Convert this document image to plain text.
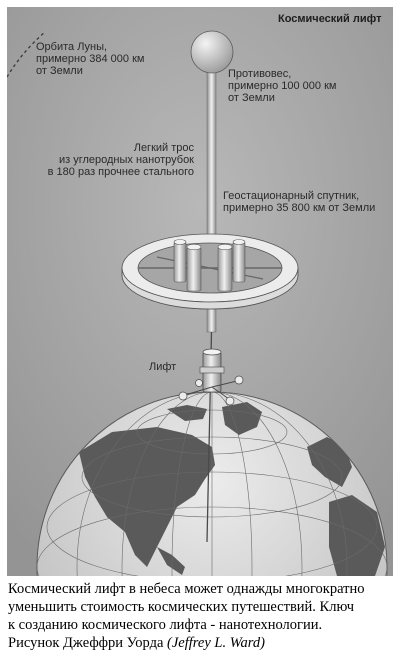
Космический лифт
Орбита Луны,
примерно 384 000 км
от Земли	Противовес,
примерно 100 000 км
от Земли
Легкий трос
из углеродных нанотрубок
в 180 раз прочнее стального
Геостационарный спутник,
примерно 35 800 км от Земли
Лифт
Космический лифт в небеса может однажды многократно
уменьшить стоимость космических путешествий. Ключ
к созданию космического лифта - нанотехнологии.
Рисунок Джеффри Уорда (Jeffrey L. Ward)
